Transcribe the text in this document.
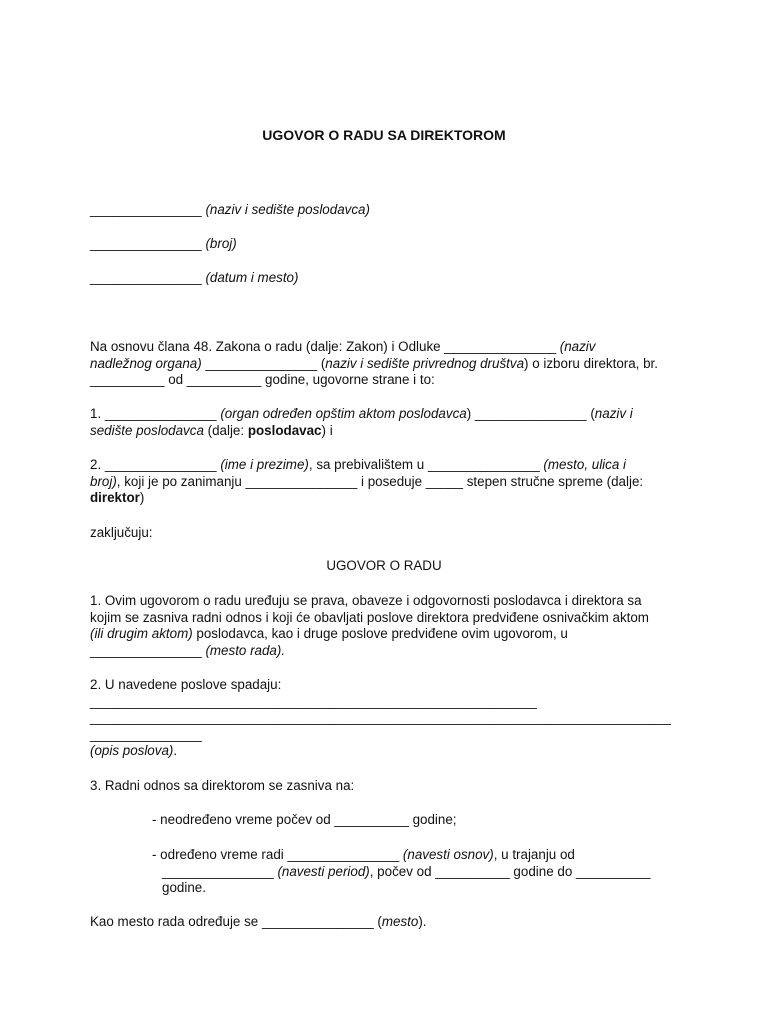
UGOVOR O RADU SA DIREKTOROM
_______________ (naziv i sedište poslodavca)
_______________ (broj)
_______________ (datum i mesto)
Na osnovu člana 48. Zakona o radu (dalje: Zakon) i Odluke _______________ (naziv
nadležnog organa) _______________ (naziv i sedište privrednog društva) o izboru direktora, br.
__________ od __________ godine, ugovorne strane i to:
1. _______________ (organ određen opštim aktom poslodavca) _______________ (naziv i
sedište poslodavca (dalje: poslodavac) i
2. _______________ (ime i prezime), sa prebivalištem u _______________ (mesto, ulica i
broj), koji je po zanimanju _______________ i poseduje _____ stepen stručne spreme (dalje:
direktor)
zaključuju:
UGOVOR O RADU
1. Ovim ugovorom o radu uređuju se prava, obaveze i odgovornosti poslodavca i direktora sa
kojim se zasniva radni odnos i koji će obavljati poslove direktora predviđene osnivačkim aktom
(ili drugim aktom) poslodavca, kao i druge poslove predviđene ovim ugovorom, u
_______________ (mesto rada).
2. U navedene poslove spadaju:
____________________________________________________________
______________________________________________________________________________
_______________
(opis poslova).
3. Radni odnos sa direktorom se zasniva na:
- neodređeno vreme počev od __________ godine;
- određeno vreme radi _______________ (navesti osnov), u trajanju od
_______________ (navesti period), počev od __________ godine do __________
godine.
Kao mesto rada određuje se _______________ (mesto).
